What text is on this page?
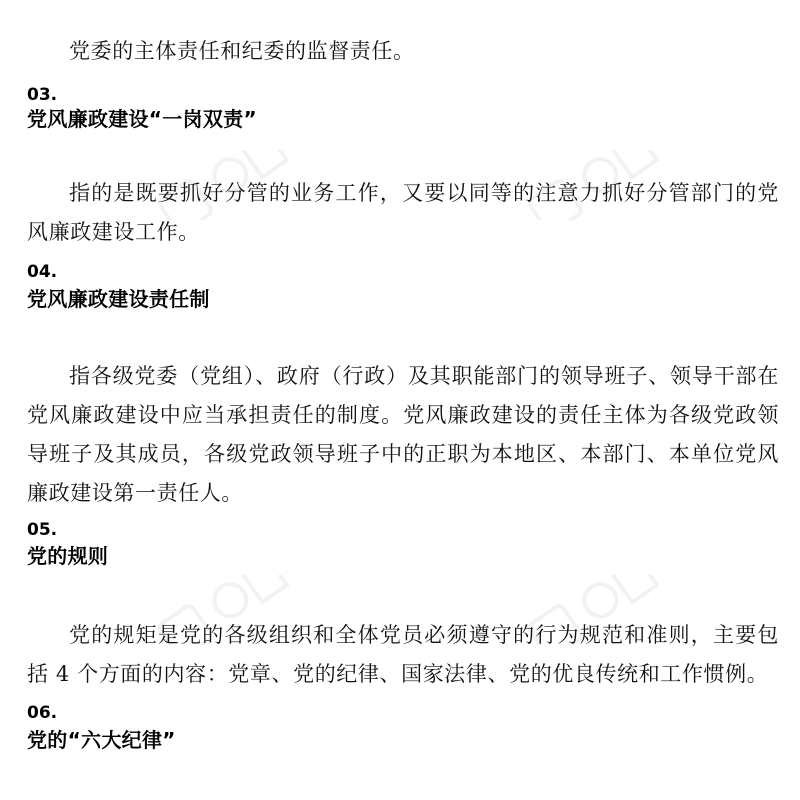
党委的主体责任和纪委的监督责任。

03.
党风廉政建设“一岗双责”

指的是既要抓好分管的业务工作，又要以同等的注意力抓好分管部门的党风廉政建设工作。

04.
党风廉政建设责任制

指各级党委（党组）、政府（行政）及其职能部门的领导班子、领导干部在党风廉政建设中应当承担责任的制度。党风廉政建设的责任主体为各级党政领导班子及其成员，各级党政领导班子中的正职为本地区、本部门、本单位党风廉政建设第一责任人。

05.
党的规则

党的规矩是党的各级组织和全体党员必须遵守的行为规范和准则，主要包括 4 个方面的内容：党章、党的纪律、国家法律、党的优良传统和工作惯例。

06.
党的“六大纪律”
